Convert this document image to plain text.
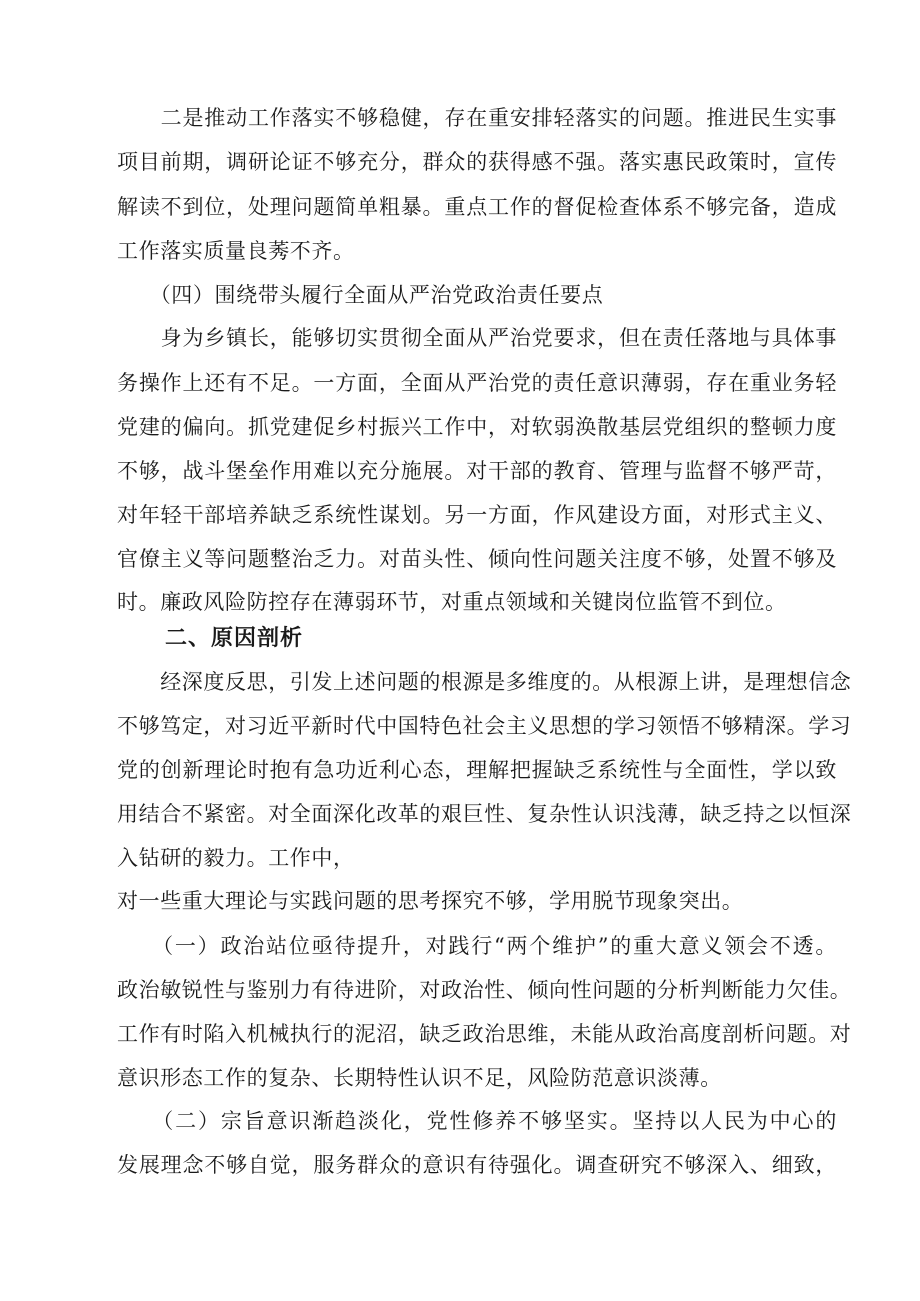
　　二是推动工作落实不够稳健，存在重安排轻落实的问题。推进民生实事
项目前期，调研论证不够充分，群众的获得感不强。落实惠民政策时，宣传
解读不到位，处理问题简单粗暴。重点工作的督促检查体系不够完备，造成
工作落实质量良莠不齐。
　　（四）围绕带头履行全面从严治党政治责任要点
　　身为乡镇长，能够切实贯彻全面从严治党要求，但在责任落地与具体事
务操作上还有不足。一方面，全面从严治党的责任意识薄弱，存在重业务轻
党建的偏向。抓党建促乡村振兴工作中，对软弱涣散基层党组织的整顿力度
不够，战斗堡垒作用难以充分施展。对干部的教育、管理与监督不够严苛，
对年轻干部培养缺乏系统性谋划。另一方面，作风建设方面，对形式主义、
官僚主义等问题整治乏力。对苗头性、倾向性问题关注度不够，处置不够及
时。廉政风险防控存在薄弱环节，对重点领域和关键岗位监管不到位。
二、原因剖析
　　经深度反思，引发上述问题的根源是多维度的。从根源上讲，是理想信念
不够笃定，对习近平新时代中国特色社会主义思想的学习领悟不够精深。学习
党的创新理论时抱有急功近利心态，理解把握缺乏系统性与全面性，学以致
用结合不紧密。对全面深化改革的艰巨性、复杂性认识浅薄，缺乏持之以恒深
入钻研的毅力。工作中，
对一些重大理论与实践问题的思考探究不够，学用脱节现象突出。
　　（一）政治站位亟待提升，对践行“两个维护”的重大意义领会不透。
政治敏锐性与鉴别力有待进阶，对政治性、倾向性问题的分析判断能力欠佳。
工作有时陷入机械执行的泥沼，缺乏政治思维，未能从政治高度剖析问题。对
意识形态工作的复杂、长期特性认识不足，风险防范意识淡薄。
　　（二）宗旨意识渐趋淡化，党性修养不够坚实。坚持以人民为中心的
发展理念不够自觉，服务群众的意识有待强化。调查研究不够深入、细致，
